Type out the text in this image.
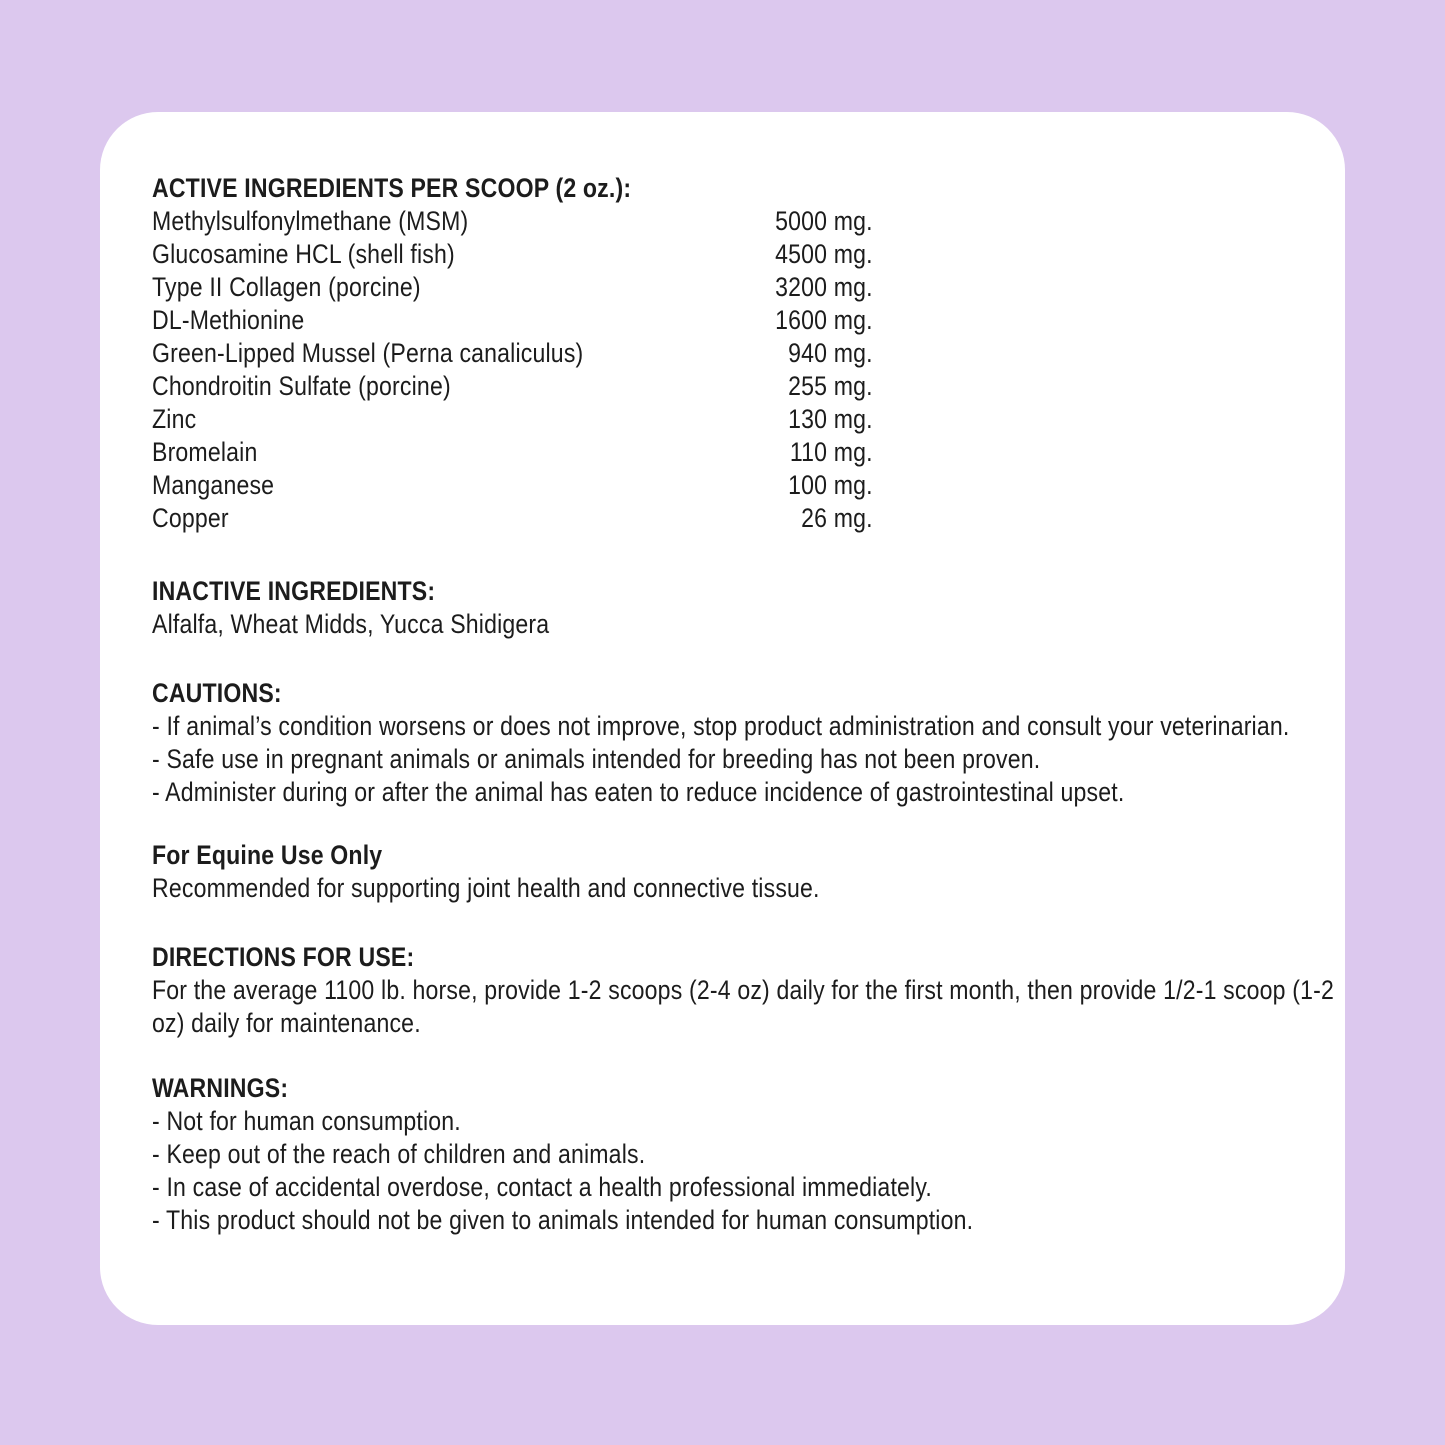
ACTIVE INGREDIENTS PER SCOOP (2 oz.):
Methylsulfonylmethane (MSM)	5000 mg.
Glucosamine HCL (shell fish)	4500 mg.
Type II Collagen (porcine)	3200 mg.
DL-Methionine	1600 mg.
Green-Lipped Mussel (Perna canaliculus)	940 mg.
Chondroitin Sulfate (porcine)	255 mg.
Zinc	130 mg.
Bromelain	110 mg.
Manganese	100 mg.
Copper	26 mg.
INACTIVE INGREDIENTS:

Alfalfa, Wheat Midds, Yucca Shidigera

CAUTIONS:

- If animal’s condition worsens or does not improve, stop product administration and consult your veterinarian.

- Safe use in pregnant animals or animals intended for breeding has not been proven.

- Administer during or after the animal has eaten to reduce incidence of gastrointestinal upset.

For Equine Use Only

Recommended for supporting joint health and connective tissue.

DIRECTIONS FOR USE:

For the average 1100 lb. horse, provide 1-2 scoops (2-4 oz) daily for the first month, then provide 1/2-1 scoop (1-2 oz) daily for maintenance.

WARNINGS:

- Not for human consumption.

- Keep out of the reach of children and animals.

- In case of accidental overdose, contact a health professional immediately.

- This product should not be given to animals intended for human consumption.
